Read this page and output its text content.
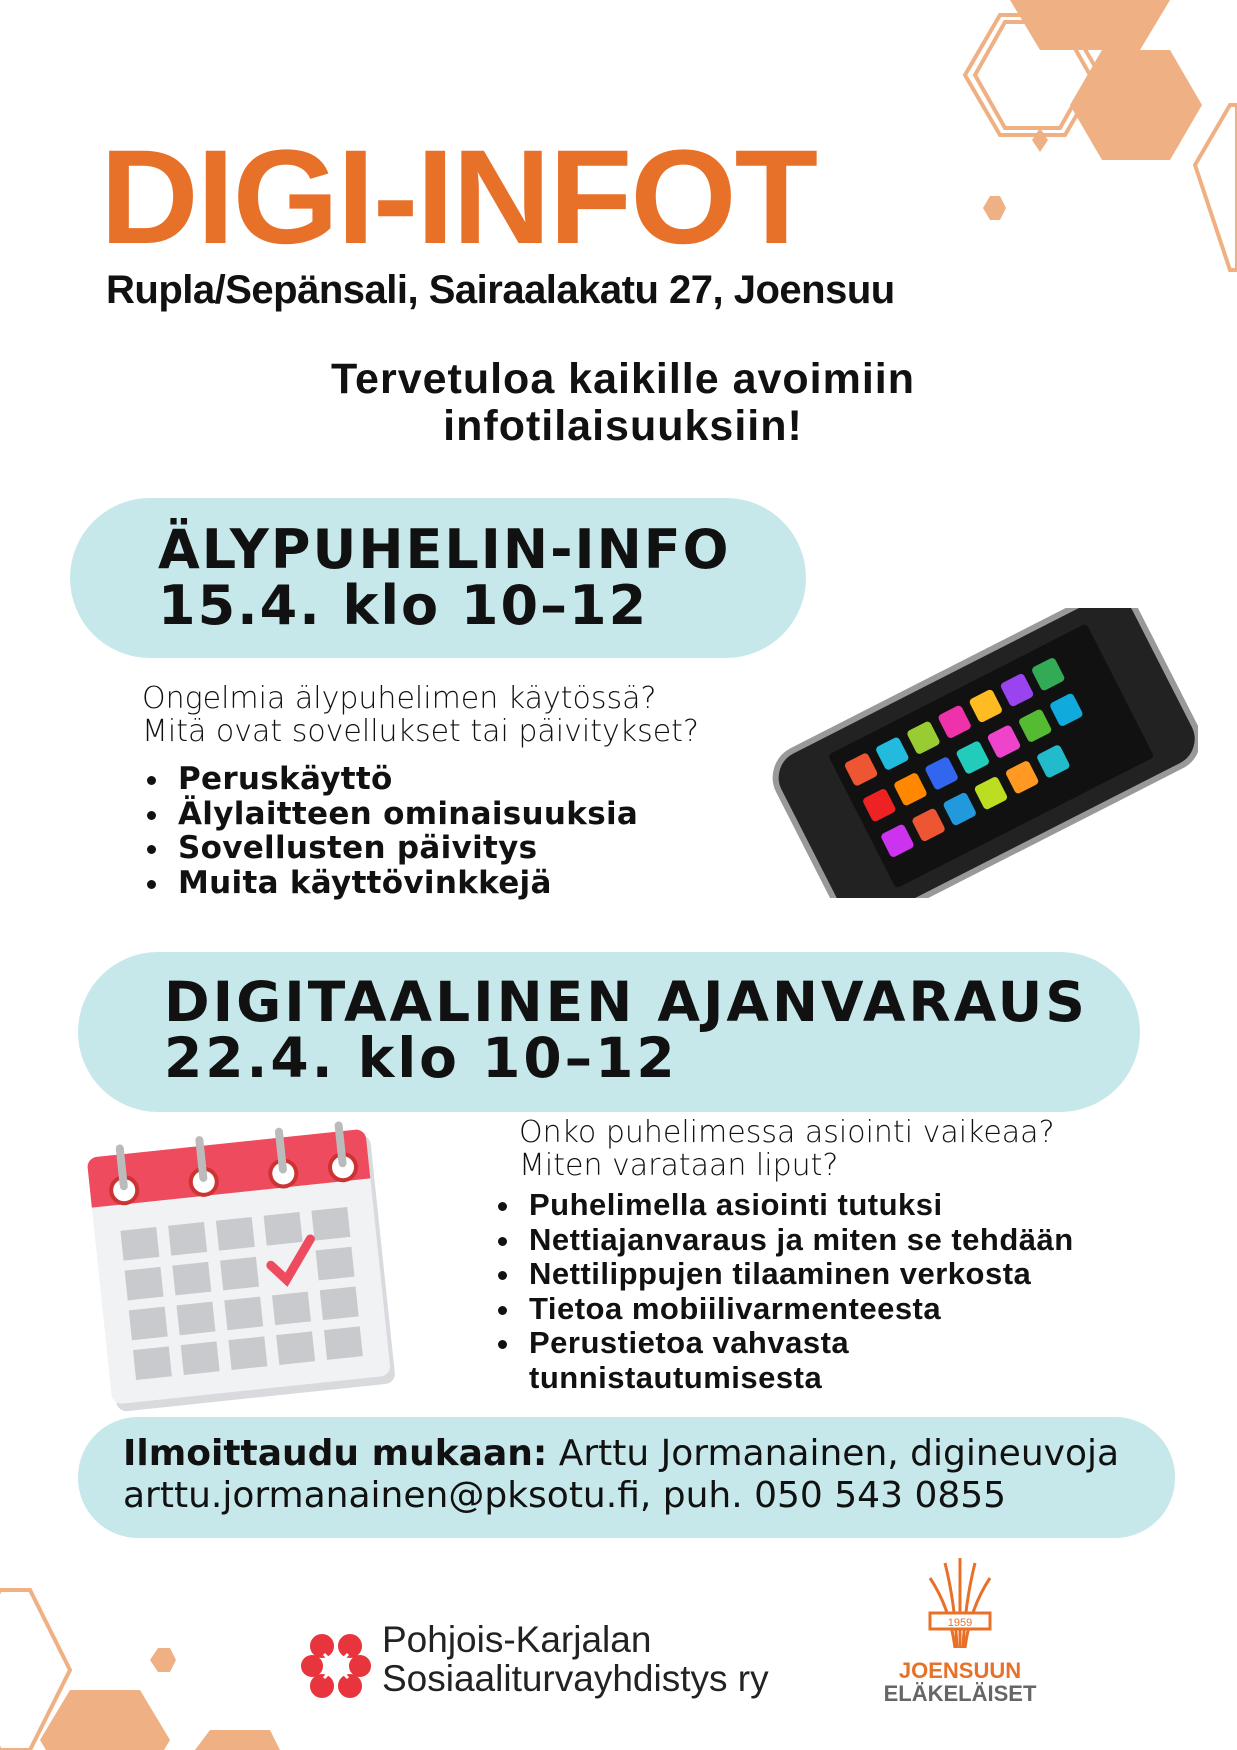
DIGI-INFOT
Rupla/Sepänsali, Sairaalakatu 27, Joensuu
Tervetuloa kaikille avoimiin
infotilaisuuksiin!
ÄLYPUHELIN-INFO
15.4. klo 10–12
Ongelmia älypuhelimen käytössä?
Mitä ovat sovellukset tai päivitykset?
Peruskäyttö
Älylaitteen ominaisuuksia
Sovellusten päivitys
Muita käyttövinkkejä
DIGITAALINEN AJANVARAUS
22.4. klo 10–12
Onko puhelimessa asiointi vaikeaa?
Miten varataan liput?
Puhelimella asiointi tutuksi
Nettiajanvaraus ja miten se tehdään
Nettilippujen tilaaminen verkosta
Tietoa mobiilivarmenteesta
Perustietoa vahvasta tunnistautumisesta
Ilmoittaudu mukaan: Arttu Jormanainen, digineuvoja
arttu.jormanainen@pksotu.fi, puh. 050 543 0855
Pohjois-Karjalan
Sosiaaliturvayhdistys ry
1959
JOENSUUN
ELÄKELÄISET
